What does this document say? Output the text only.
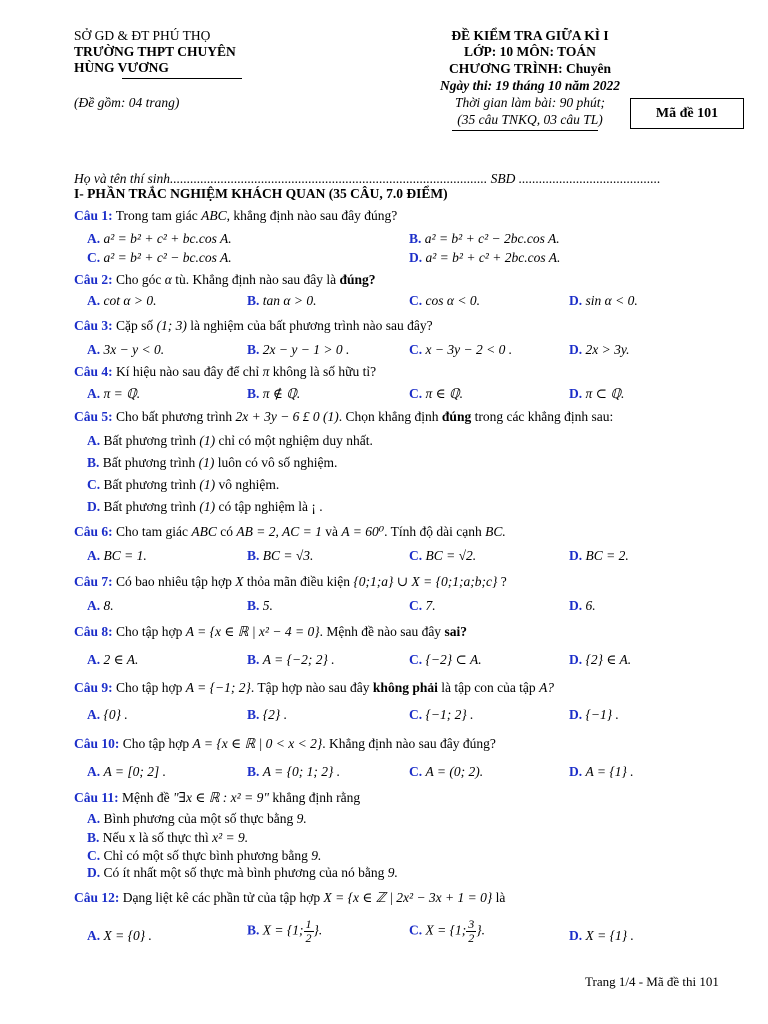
SỞ GD & ĐT PHÚ THỌ
TRƯỜNG THPT CHUYÊN
HÙNG VƯƠNG
(Đề gồm: 04 trang)
ĐỀ KIỂM TRA GIỮA KÌ I
LỚP: 10 MÔN: TOÁN
CHƯƠNG TRÌNH: Chuyên
Ngày thi: 19 tháng 10 năm 2022
Thời gian làm bài: 90 phút;
(35 câu TNKQ, 03 câu TL)	Mã đề 101
Họ và tên thí sinh.............................................................................................. SBD ..........................................
I- PHẦN TRẮC NGHIỆM KHÁCH QUAN (35 CÂU, 7.0 ĐIỂM)
Câu 1: Trong tam giác ABC, khẳng định nào sau đây đúng?
A. a² = b² + c² + bc.cos A.	B. a² = b² + c² − 2bc.cos A.
C. a² = b² + c² − bc.cos A.	D. a² = b² + c² + 2bc.cos A.
Câu 2: Cho góc α tù. Khẳng định nào sau đây là đúng?
A. cot α > 0.	B. tan α > 0.	C. cos α < 0.	D. sin α < 0.
Câu 3: Cặp số (1; 3) là nghiệm của bất phương trình nào sau đây?
A. 3x − y < 0.	B. 2x − y − 1 > 0 .	C. x − 3y − 2 < 0 .	D. 2x > 3y.
Câu 4: Kí hiệu nào sau đây để chỉ π không là số hữu tỉ?
A. π = ℚ.	B. π ∉ ℚ.	C. π ∈ ℚ.	D. π ⊂ ℚ.
Câu 5: Cho bất phương trình 2x + 3y − 6 £ 0 (1). Chọn khẳng định đúng trong các khẳng định sau:
A. Bất phương trình (1) chỉ có một nghiệm duy nhất.
B. Bất phương trình (1) luôn có vô số nghiệm.
C. Bất phương trình (1) vô nghiệm.
D. Bất phương trình (1) có tập nghiệm là ¡ .
Câu 6: Cho tam giác ABC có AB = 2, AC = 1 và A = 60⁰. Tính độ dài cạnh BC.
A. BC = 1.	B. BC = √3.	C. BC = √2.	D. BC = 2.
Câu 7: Có bao nhiêu tập hợp X thỏa mãn điều kiện {0;1;a} ∪ X = {0;1;a;b;c} ?
A. 8.	B. 5.	C. 7.	D. 6.
Câu 8: Cho tập hợp A = {x ∈ ℝ | x² − 4 = 0}. Mệnh đề nào sau đây sai?
A. 2 ∈ A.	B. A = {−2; 2} .	C. {−2} ⊂ A.	D. {2} ∈ A.
Câu 9: Cho tập hợp A = {−1; 2}. Tập hợp nào sau đây không phải là tập con của tập A?
A. {0} .	B. {2} .	C. {−1; 2} .	D. {−1} .
Câu 10: Cho tập hợp A = {x ∈ ℝ | 0 < x < 2}. Khẳng định nào sau đây đúng?
A. A = [0; 2] .	B. A = {0; 1; 2} .	C. A = (0; 2).	D. A = {1} .
Câu 11: Mệnh đề "∃x ∈ ℝ : x² = 9" khẳng định rằng
A. Bình phương của một số thực bằng 9.
B. Nếu x là số thực thì x² = 9.
C. Chỉ có một số thực bình phương bằng 9.
D. Có ít nhất một số thực mà bình phương của nó bằng 9.
Câu 12: Dạng liệt kê các phần tử của tập hợp X = {x ∈ ℤ | 2x² − 3x + 1 = 0} là
A. X = {0} .	B. X = {1; $\frac{1}{2}$ }.	C. X = {1; $\frac{3}{2}$ }.	D. X = {1} .
Trang 1/4 - Mã đề thi 101
